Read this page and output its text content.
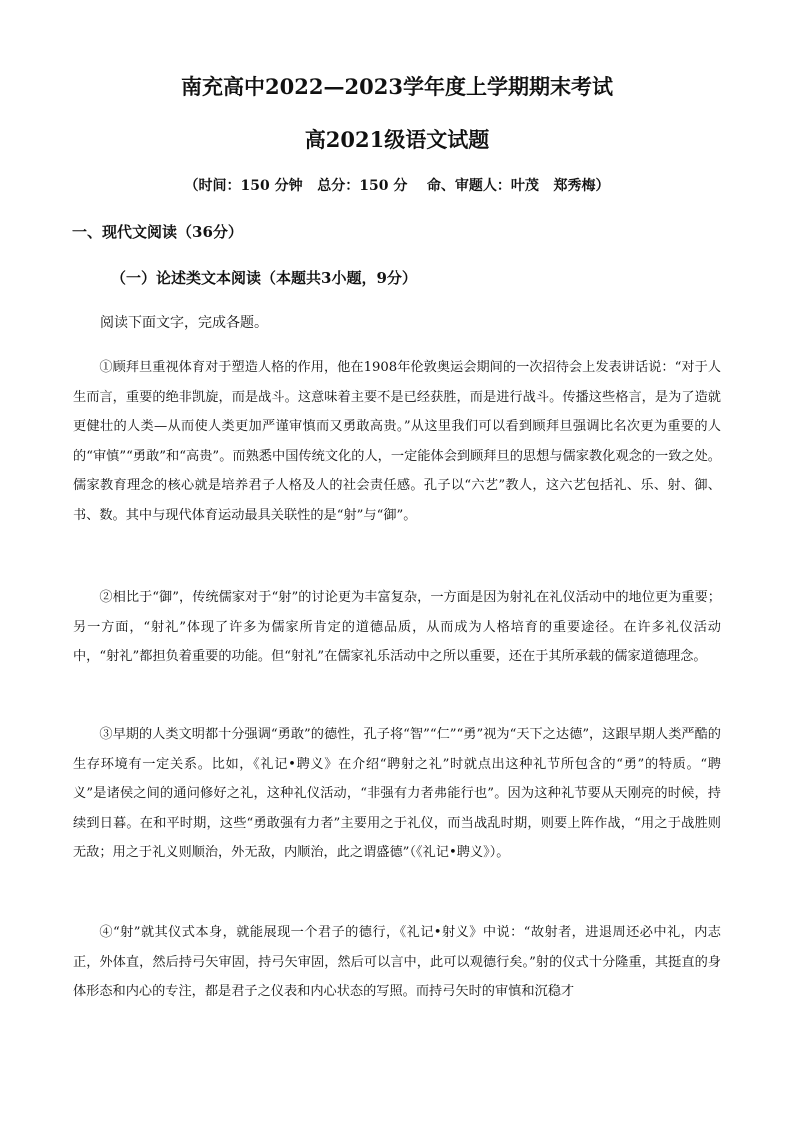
南充高中2022—2023学年度上学期期末考试
高2021级语文试题
（时间：150 分钟   总分：150 分    命、审题人：叶茂   郑秀梅）
一、现代文阅读（36分）
（一）论述类文本阅读（本题共3小题，9分）

阅读下面文字，完成各题。

①顾拜旦重视体育对于塑造人格的作用，他在1908年伦敦奥运会期间的一次招待会上发表讲话说：“对于人生而言，重要的绝非凯旋，而是战斗。这意味着主要不是已经获胜，而是进行战斗。传播这些格言，是为了造就更健壮的人类—从而使人类更加严谨审慎而又勇敢高贵。”从这里我们可以看到顾拜旦强调比名次更为重要的人的“审慎”“勇敢”和“高贵”。而熟悉中国传统文化的人，一定能体会到顾拜旦的思想与儒家教化观念的一致之处。儒家教育理念的核心就是培养君子人格及人的社会责任感。孔子以“六艺”教人，这六艺包括礼、乐、射、御、书、数。其中与现代体育运动最具关联性的是“射”与“御”。

②相比于“御”，传统儒家对于“射”的讨论更为丰富复杂，一方面是因为射礼在礼仪活动中的地位更为重要；另一方面，“射礼”体现了许多为儒家所肯定的道德品质，从而成为人格培育的重要途径。在许多礼仪活动中，“射礼”都担负着重要的功能。但“射礼”在儒家礼乐活动中之所以重要，还在于其所承载的儒家道德理念。

③早期的人类文明都十分强调“勇敢”的德性，孔子将“智”“仁”“勇”视为“天下之达德”，这跟早期人类严酷的生存环境有一定关系。比如，《礼记•聘义》在介绍“聘射之礼”时就点出这种礼节所包含的“勇”的特质。“聘义”是诸侯之间的通问修好之礼，这种礼仪活动，“非强有力者弗能行也”。因为这种礼节要从天刚亮的时候，持续到日暮。在和平时期，这些“勇敢强有力者”主要用之于礼仪，而当战乱时期，则要上阵作战，“用之于战胜则无敌；用之于礼义则顺治，外无敌，内顺治，此之谓盛德”（《礼记•聘义》）。

④“射”就其仪式本身，就能展现一个君子的德行，《礼记•射义》中说：“故射者，进退周还必中礼，内志正，外体直，然后持弓矢审固，持弓矢审固，然后可以言中，此可以观德行矣。”射的仪式十分隆重，其挺直的身体形态和内心的专注，都是君子之仪表和内心状态的写照。而持弓矢时的审慎和沉稳才
